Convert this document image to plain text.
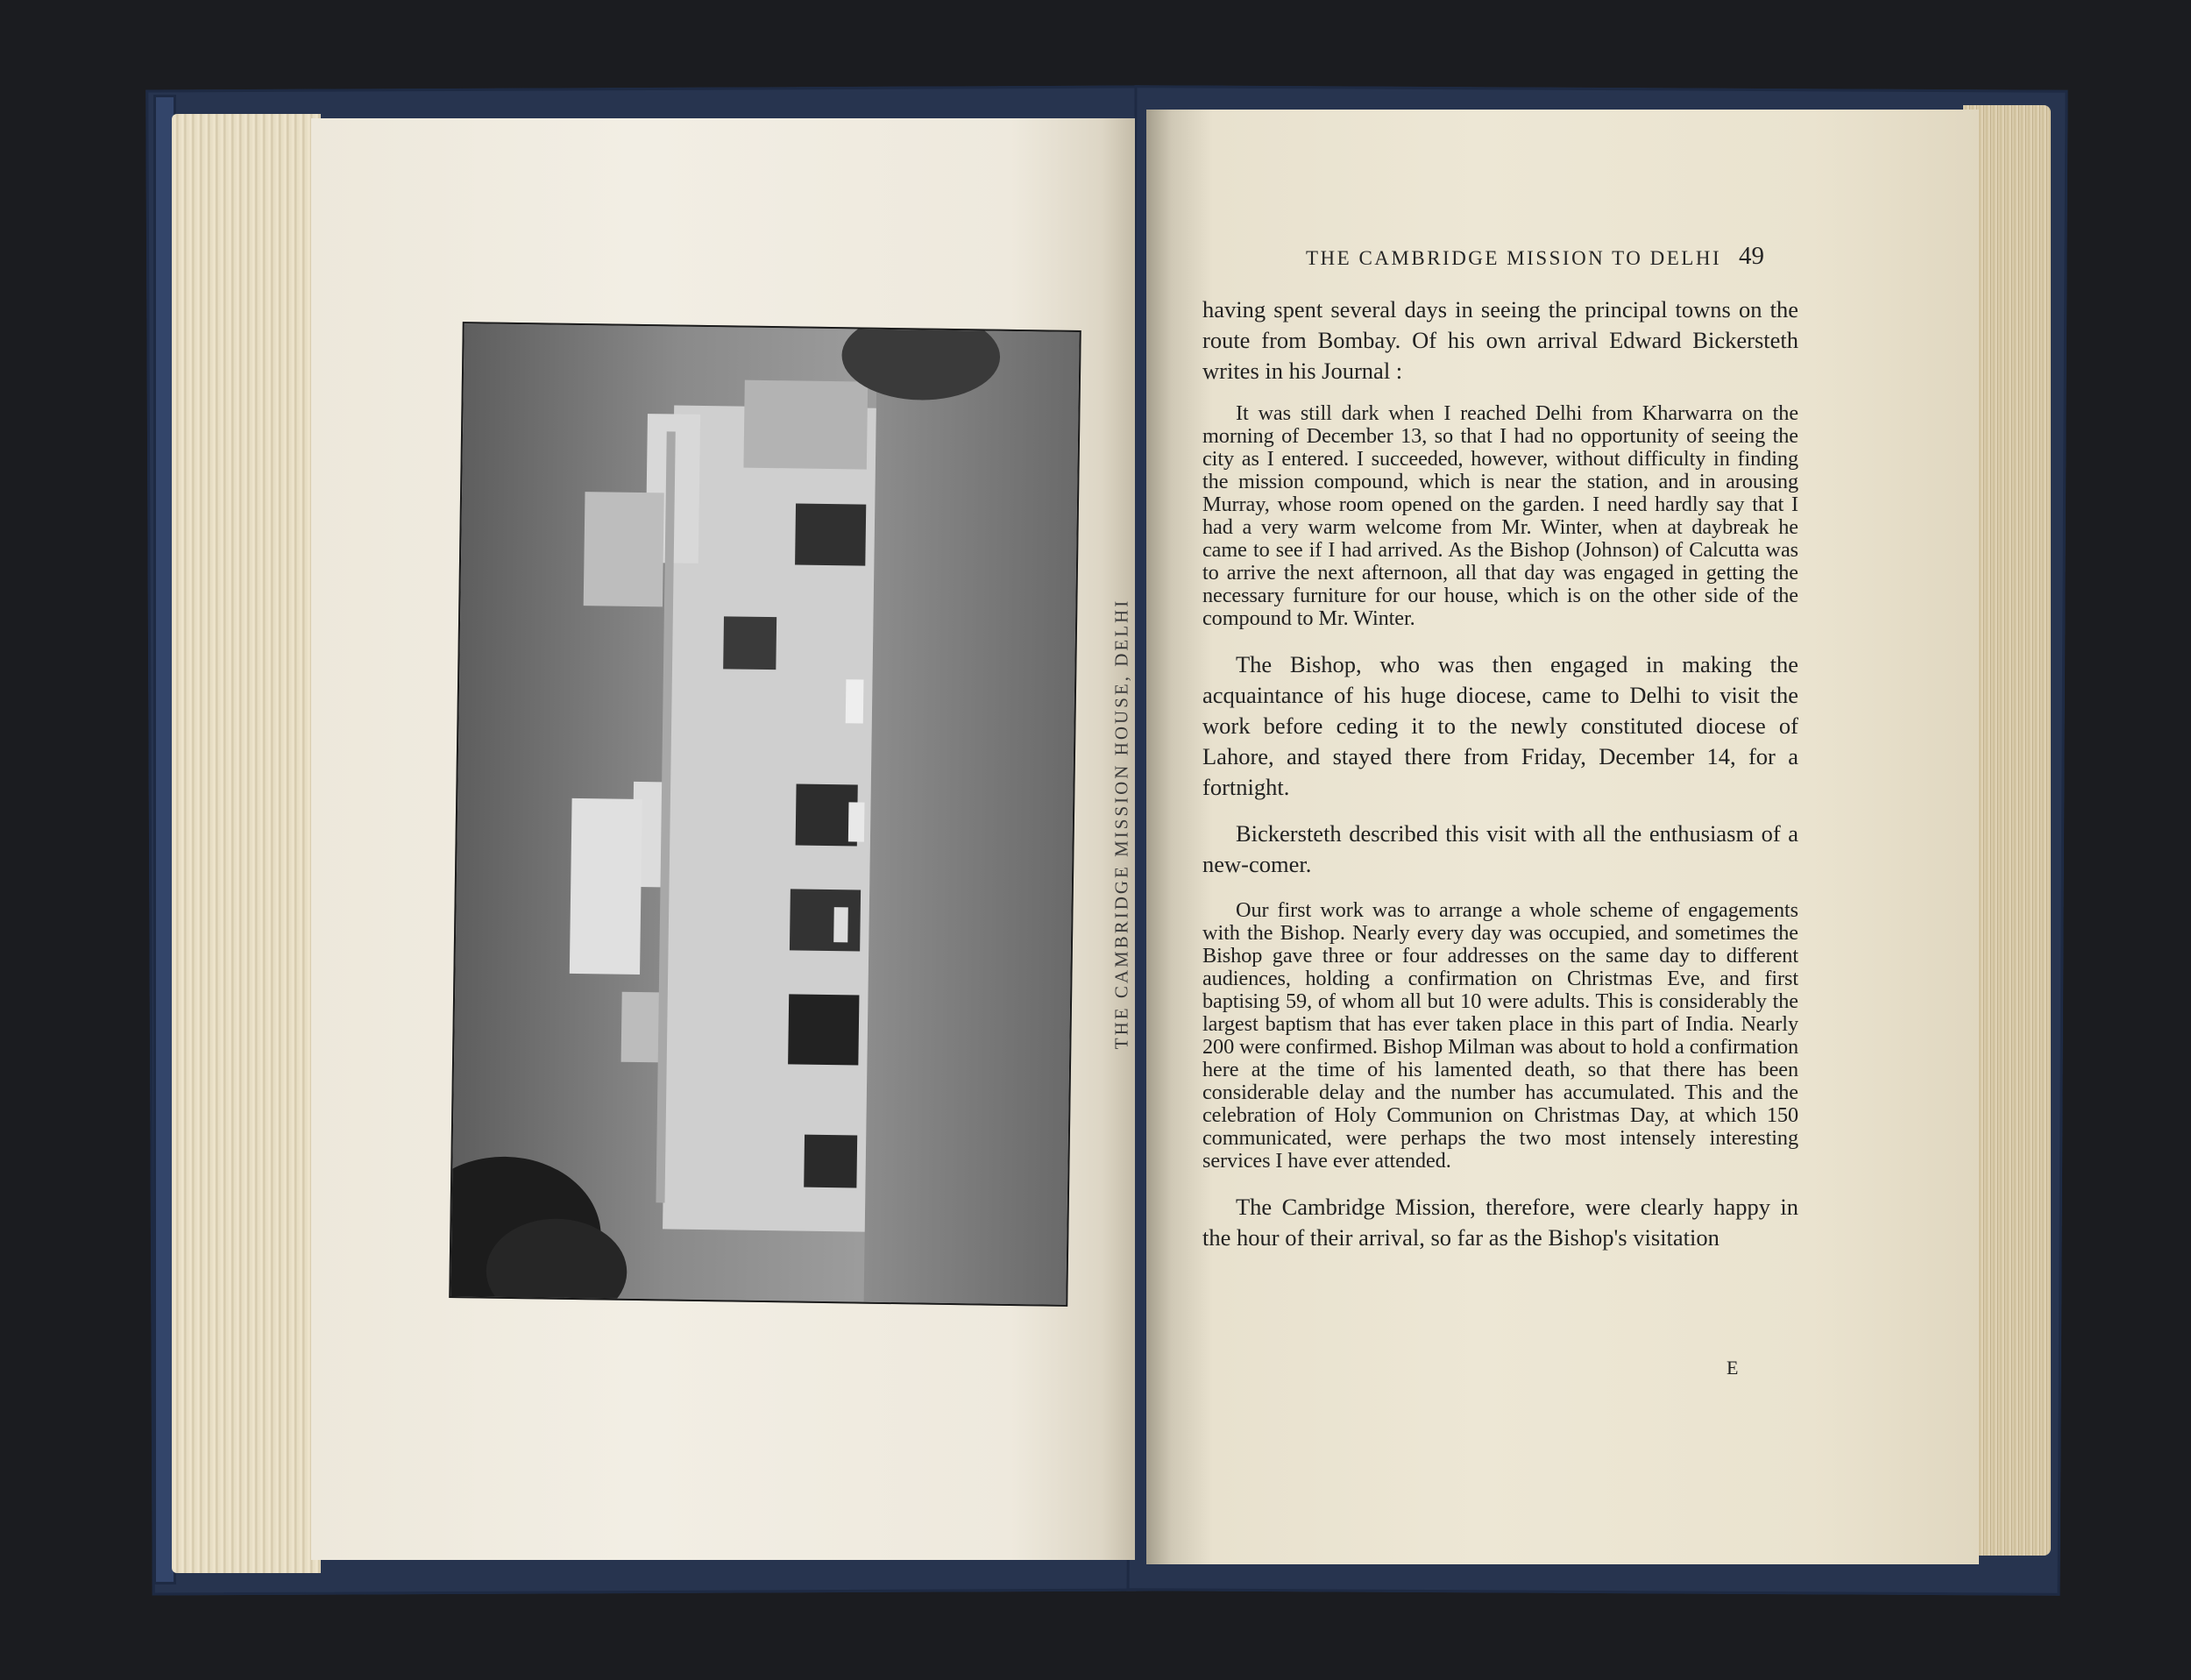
THE CAMBRIDGE MISSION HOUSE, DELHI
THE CAMBRIDGE MISSION TO DELHI 49

having spent several days in seeing the principal towns on the route from Bombay. Of his own arrival Edward Bickersteth writes in his Journal :

It was still dark when I reached Delhi from Kharwarra on the morning of December 13, so that I had no opportunity of seeing the city as I entered. I succeeded, however, without difficulty in finding the mission compound, which is near the station, and in arousing Murray, whose room opened on the garden. I need hardly say that I had a very warm welcome from Mr. Winter, when at daybreak he came to see if I had arrived. As the Bishop (Johnson) of Calcutta was to arrive the next afternoon, all that day was engaged in getting the necessary furniture for our house, which is on the other side of the compound to Mr. Winter.

The Bishop, who was then engaged in making the acquaintance of his huge diocese, came to Delhi to visit the work before ceding it to the newly constituted diocese of Lahore, and stayed there from Friday, December 14, for a fortnight.

Bickersteth described this visit with all the enthusiasm of a new-comer.

Our first work was to arrange a whole scheme of engagements with the Bishop. Nearly every day was occupied, and sometimes the Bishop gave three or four addresses on the same day to different audiences, holding a confirmation on Christmas Eve, and first baptising 59, of whom all but 10 were adults. This is considerably the largest baptism that has ever taken place in this part of India. Nearly 200 were confirmed. Bishop Milman was about to hold a confirmation here at the time of his lamented death, so that there has been considerable delay and the number has accumulated. This and the celebration of Holy Communion on Christmas Day, at which 150 communicated, were perhaps the two most intensely interesting services I have ever attended.

The Cambridge Mission, therefore, were clearly happy in the hour of their arrival, so far as the Bishop's visitation

E
